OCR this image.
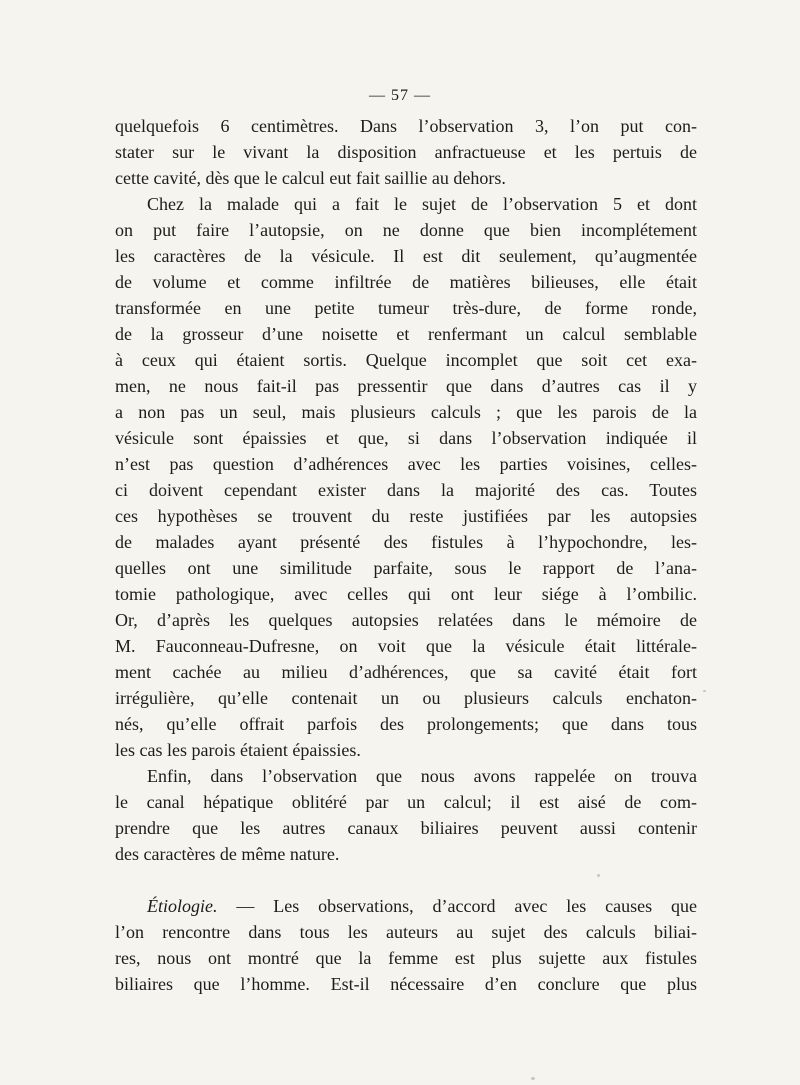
— 57 —
quelquefois 6 centimètres. Dans l’observation 3, l’on put con-
stater sur le vivant la disposition anfractueuse et les pertuis de
cette cavité, dès que le calcul eut fait saillie au dehors.
Chez la malade qui a fait le sujet de l’observation 5 et dont
on put faire l’autopsie, on ne donne que bien incomplétement
les caractères de la vésicule. Il est dit seulement, qu’augmentée
de volume et comme infiltrée de matières bilieuses, elle était
transformée en une petite tumeur très-dure, de forme ronde,
de la grosseur d’une noisette et renfermant un calcul semblable
à ceux qui étaient sortis. Quelque incomplet que soit cet exa-
men, ne nous fait-il pas pressentir que dans d’autres cas il y
a non pas un seul, mais plusieurs calculs ; que les parois de la
vésicule sont épaissies et que, si dans l’observation indiquée il
n’est pas question d’adhérences avec les parties voisines, celles-
ci doivent cependant exister dans la majorité des cas. Toutes
ces hypothèses se trouvent du reste justifiées par les autopsies
de malades ayant présenté des fistules à l’hypochondre, les-
quelles ont une similitude parfaite, sous le rapport de l’ana-
tomie pathologique, avec celles qui ont leur siége à l’ombilic.
Or, d’après les quelques autopsies relatées dans le mémoire de
M. Fauconneau-Dufresne, on voit que la vésicule était littérale-
ment cachée au milieu d’adhérences, que sa cavité était fort
irrégulière, qu’elle contenait un ou plusieurs calculs enchaton-
nés, qu’elle offrait parfois des prolongements; que dans tous
les cas les parois étaient épaissies.
Enfin, dans l’observation que nous avons rappelée on trouva
le canal hépatique oblitéré par un calcul; il est aisé de com-
prendre que les autres canaux biliaires peuvent aussi contenir
des caractères de même nature.
Étiologie. — Les observations, d’accord avec les causes que
l’on rencontre dans tous les auteurs au sujet des calculs biliai-
res, nous ont montré que la femme est plus sujette aux fistules
biliaires que l’homme. Est-il nécessaire d’en conclure que plus
